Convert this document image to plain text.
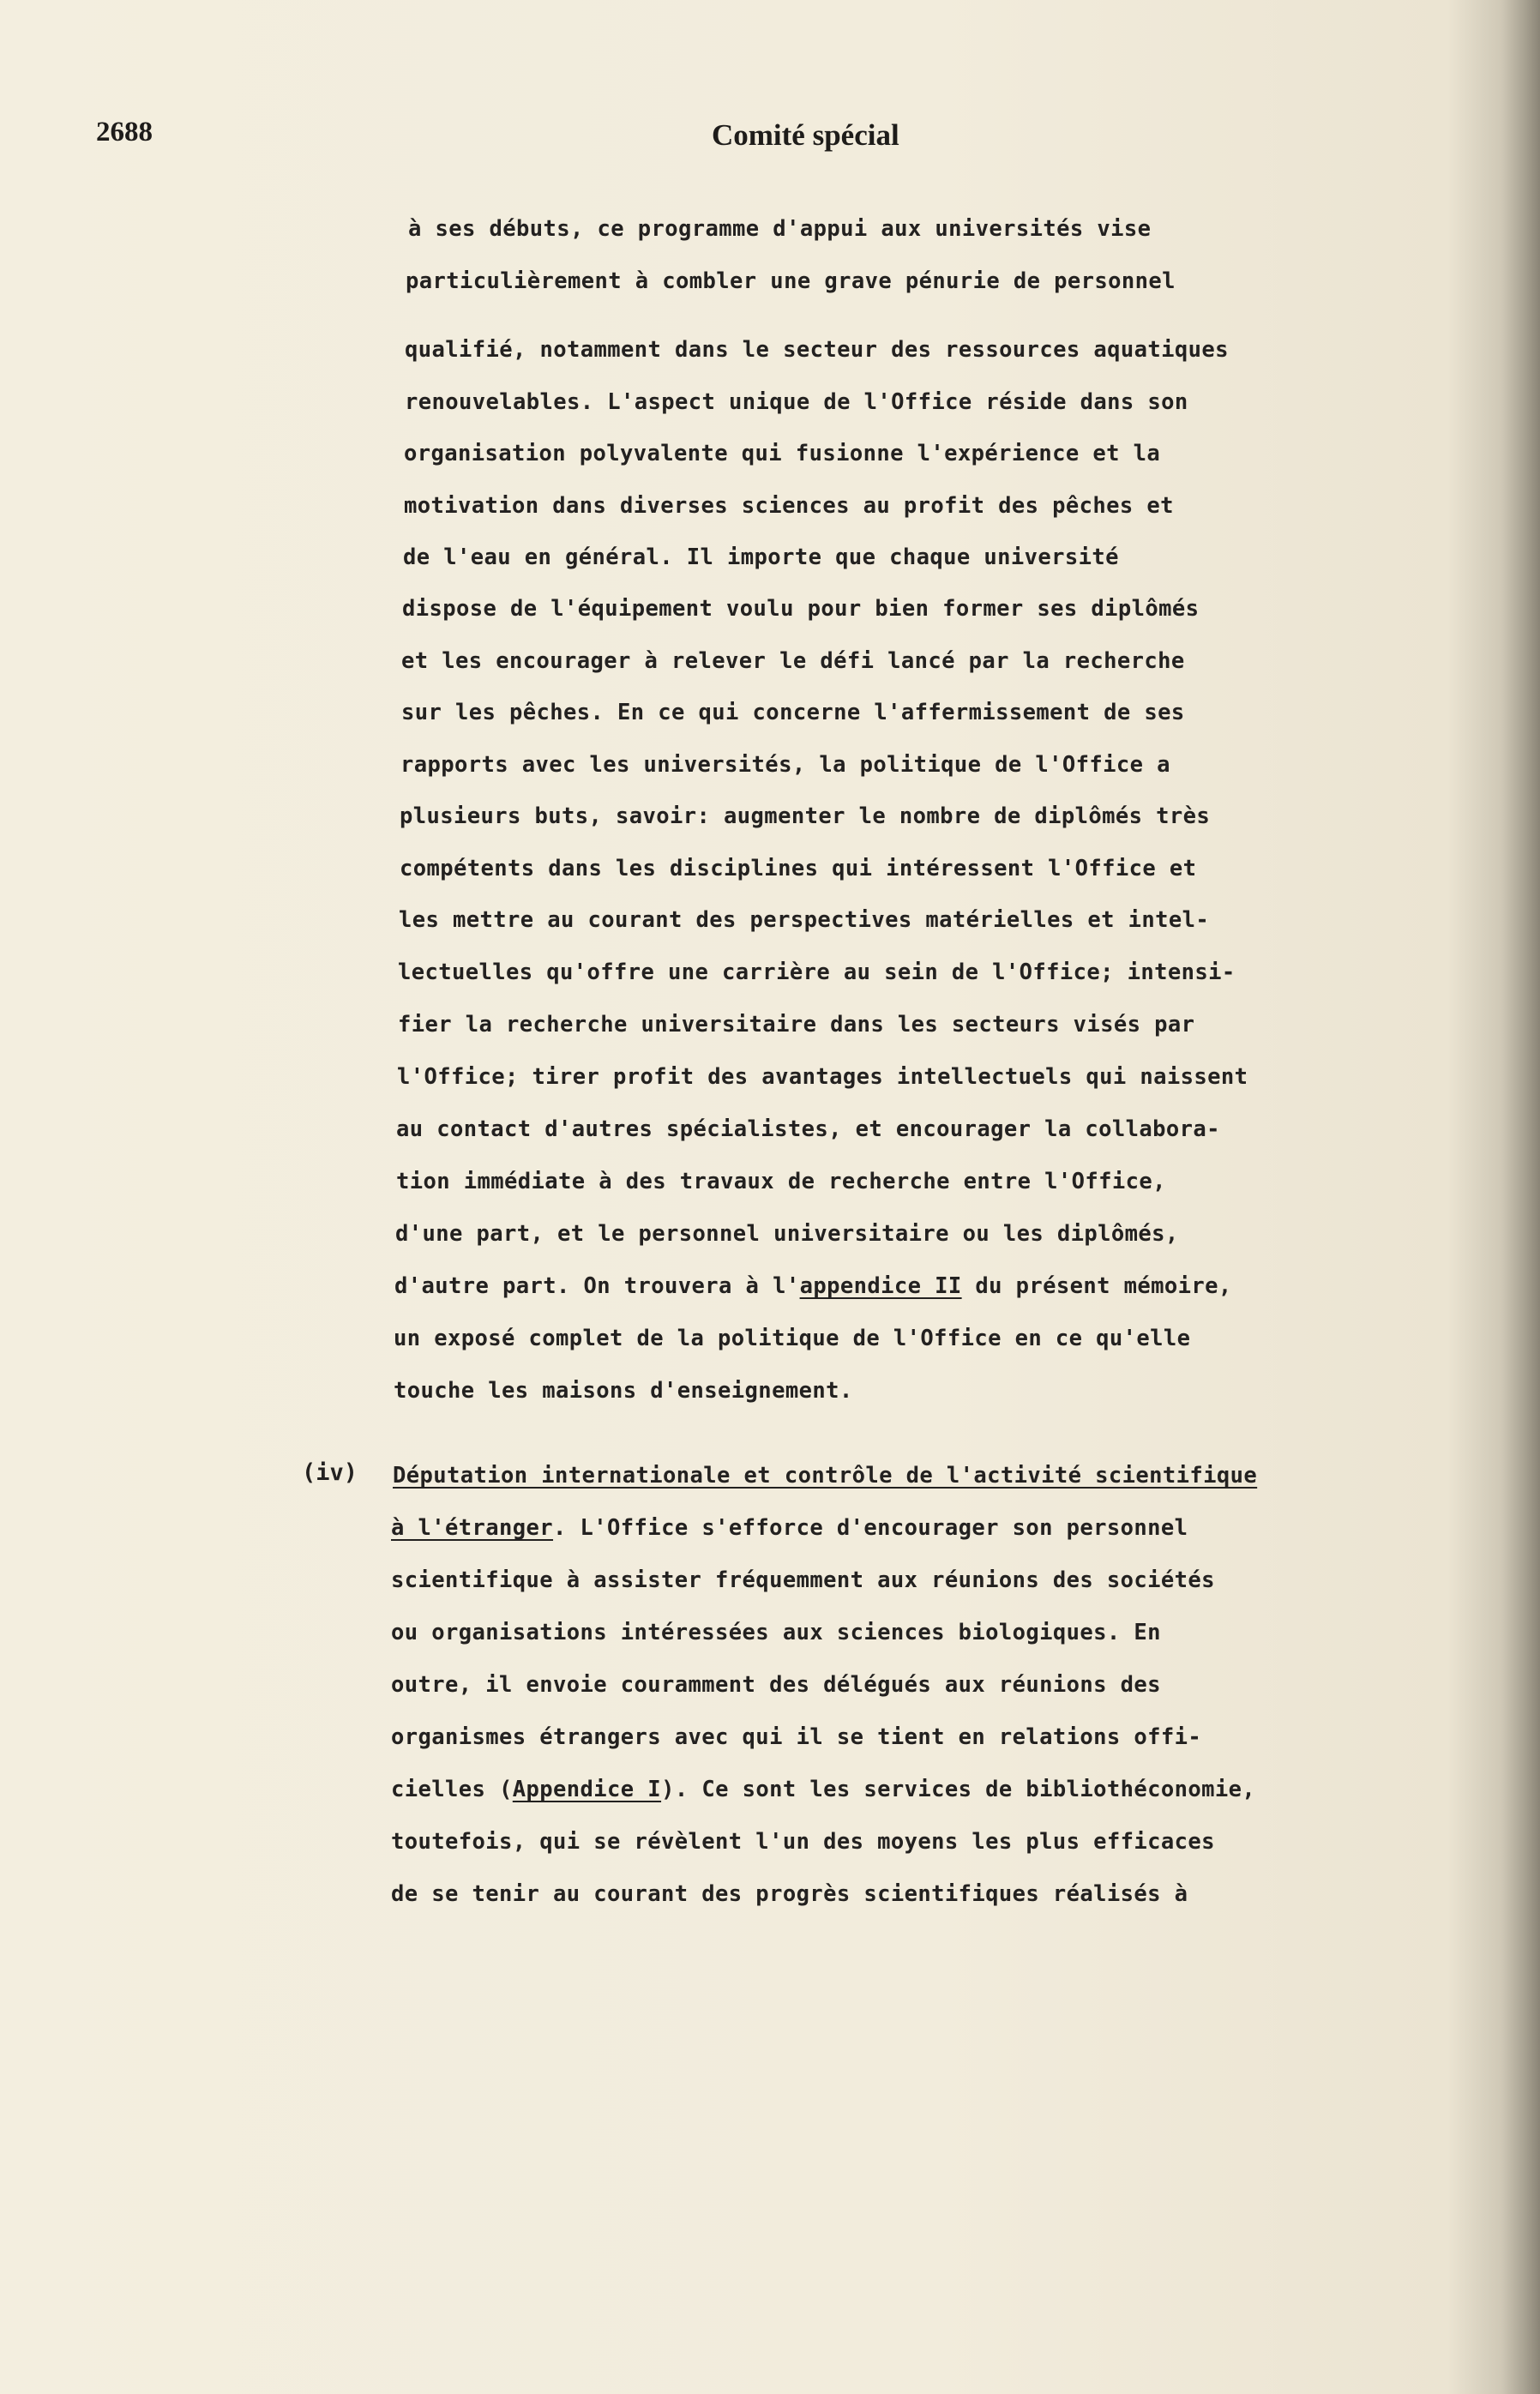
2688	Comité spécial

à ses débuts, ce programme d'appui aux universités vise

particulièrement à combler une grave pénurie de personnel

qualifié, notamment dans le secteur des ressources aquatiques

renouvelables. L'aspect unique de l'Office réside dans son

organisation polyvalente qui fusionne l'expérience et la

motivation dans diverses sciences au profit des pêches et

de l'eau en général. Il importe que chaque université

dispose de l'équipement voulu pour bien former ses diplômés

et les encourager à relever le défi lancé par la recherche

sur les pêches. En ce qui concerne l'affermissement de ses

rapports avec les universités, la politique de l'Office a

plusieurs buts, savoir: augmenter le nombre de diplômés très

compétents dans les disciplines qui intéressent l'Office et

les mettre au courant des perspectives matérielles et intel-

lectuelles qu'offre une carrière au sein de l'Office; intensi-

fier la recherche universitaire dans les secteurs visés par

l'Office; tirer profit des avantages intellectuels qui naissent

au contact d'autres spécialistes, et encourager la collabora-

tion immédiate à des travaux de recherche entre l'Office,

d'une part, et le personnel universitaire ou les diplômés,

d'autre part. On trouvera à l'appendice II du présent mémoire,

un exposé complet de la politique de l'Office en ce qu'elle

touche les maisons d'enseignement.

(iv) Députation internationale et contrôle de l'activité scientifique

à l'étranger. L'Office s'efforce d'encourager son personnel

scientifique à assister fréquemment aux réunions des sociétés

ou organisations intéressées aux sciences biologiques. En

outre, il envoie couramment des délégués aux réunions des

organismes étrangers avec qui il se tient en relations offi-

cielles (Appendice I). Ce sont les services de bibliothéconomie,

toutefois, qui se révèlent l'un des moyens les plus efficaces

de se tenir au courant des progrès scientifiques réalisés à
